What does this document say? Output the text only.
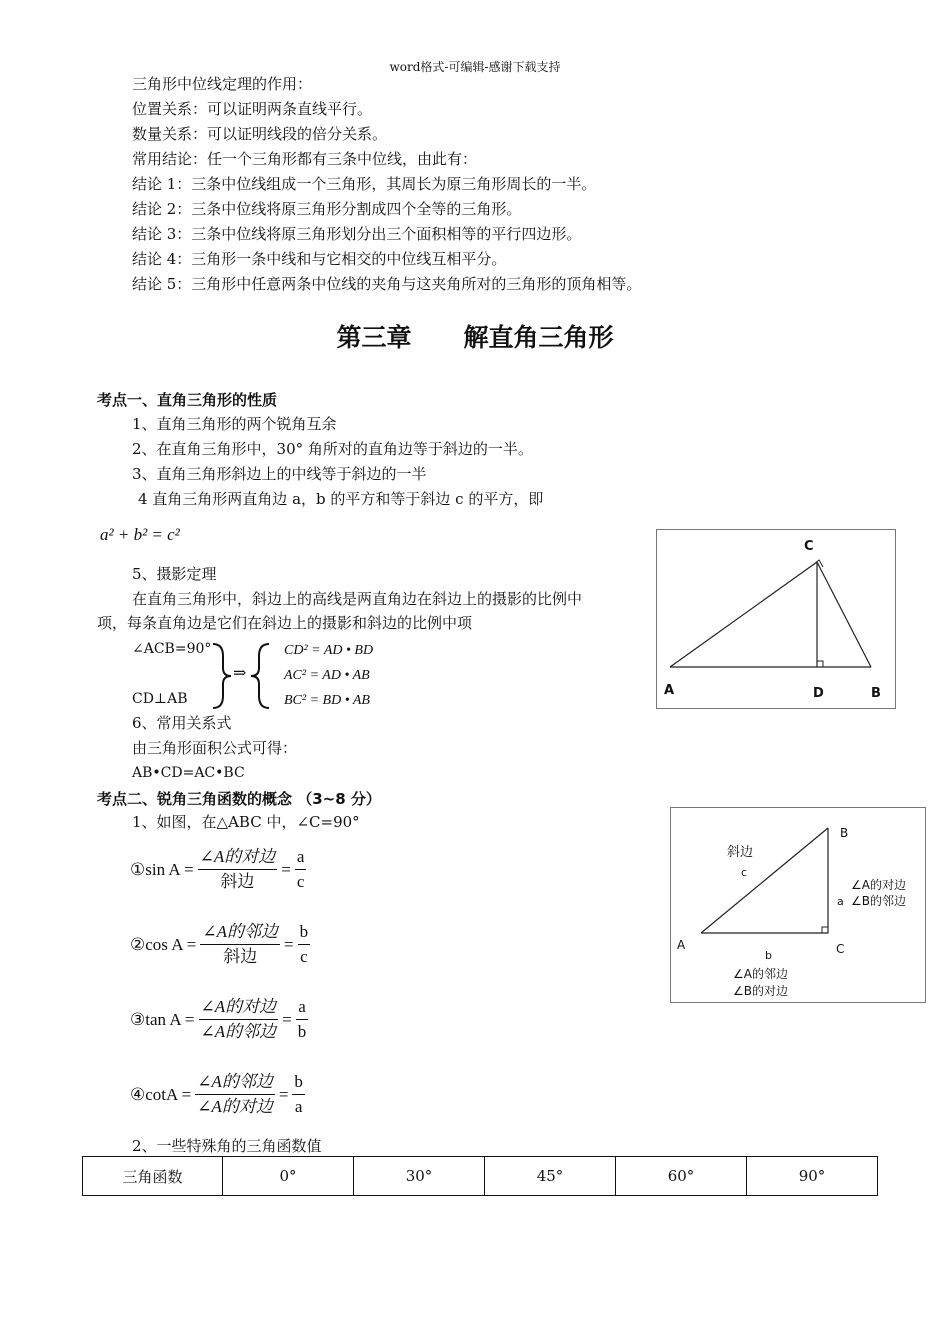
word格式-可编辑-感谢下载支持
三角形中位线定理的作用：
位置关系：可以证明两条直线平行。
数量关系：可以证明线段的倍分关系。
常用结论：任一个三角形都有三条中位线，由此有：
结论 1：三条中位线组成一个三角形，其周长为原三角形周长的一半。
结论 2：三条中位线将原三角形分割成四个全等的三角形。
结论 3：三条中位线将原三角形划分出三个面积相等的平行四边形。
结论 4：三角形一条中线和与它相交的中位线互相平分。
结论 5：三角形中任意两条中位线的夹角与这夹角所对的三角形的顶角相等。
第三章 解直角三角形
考点一、直角三角形的性质
1、直角三角形的两个锐角互余
2、在直角三角形中，30° 角所对的直角边等于斜边的一半。
3、直角三角形斜边上的中线等于斜边的一半
4 直角三角形两直角边 a，b 的平方和等于斜边 c 的平方，即
a² + b² = c²
5、摄影定理
在直角三角形中，斜边上的高线是两直角边在斜边上的摄影的比例中
项，每条直角边是它们在斜边上的摄影和斜边的比例中项
∠ACB=90°
CD⊥AB
⇒
CD² = AD • BD
AC² = AD • AB
BC² = BD • AB
6、常用关系式
由三角形面积公式可得：
AB•CD=AC•BC
C
A	D	B
考点二、锐角三角函数的概念 （3~8 分）
1、如图，在△ABC 中，∠C=90°
①sin A =
∠A的对边
斜边
= $\frac{a}{c}$
②cos A =
∠A的邻边
斜边
= $\frac{b}{c}$
③tan A =
∠A的对边
∠A的邻边
= $\frac{a}{b}$
④cotA =
∠A的邻边
∠A的对边
= $\frac{b}{a}$
斜边
c
a
b
A
B
C
∠A的对边
∠B的邻边
∠A的邻边
∠B的对边
2、一些特殊角的三角函数值
三角函数	0°	30°	45°	60°	90°
